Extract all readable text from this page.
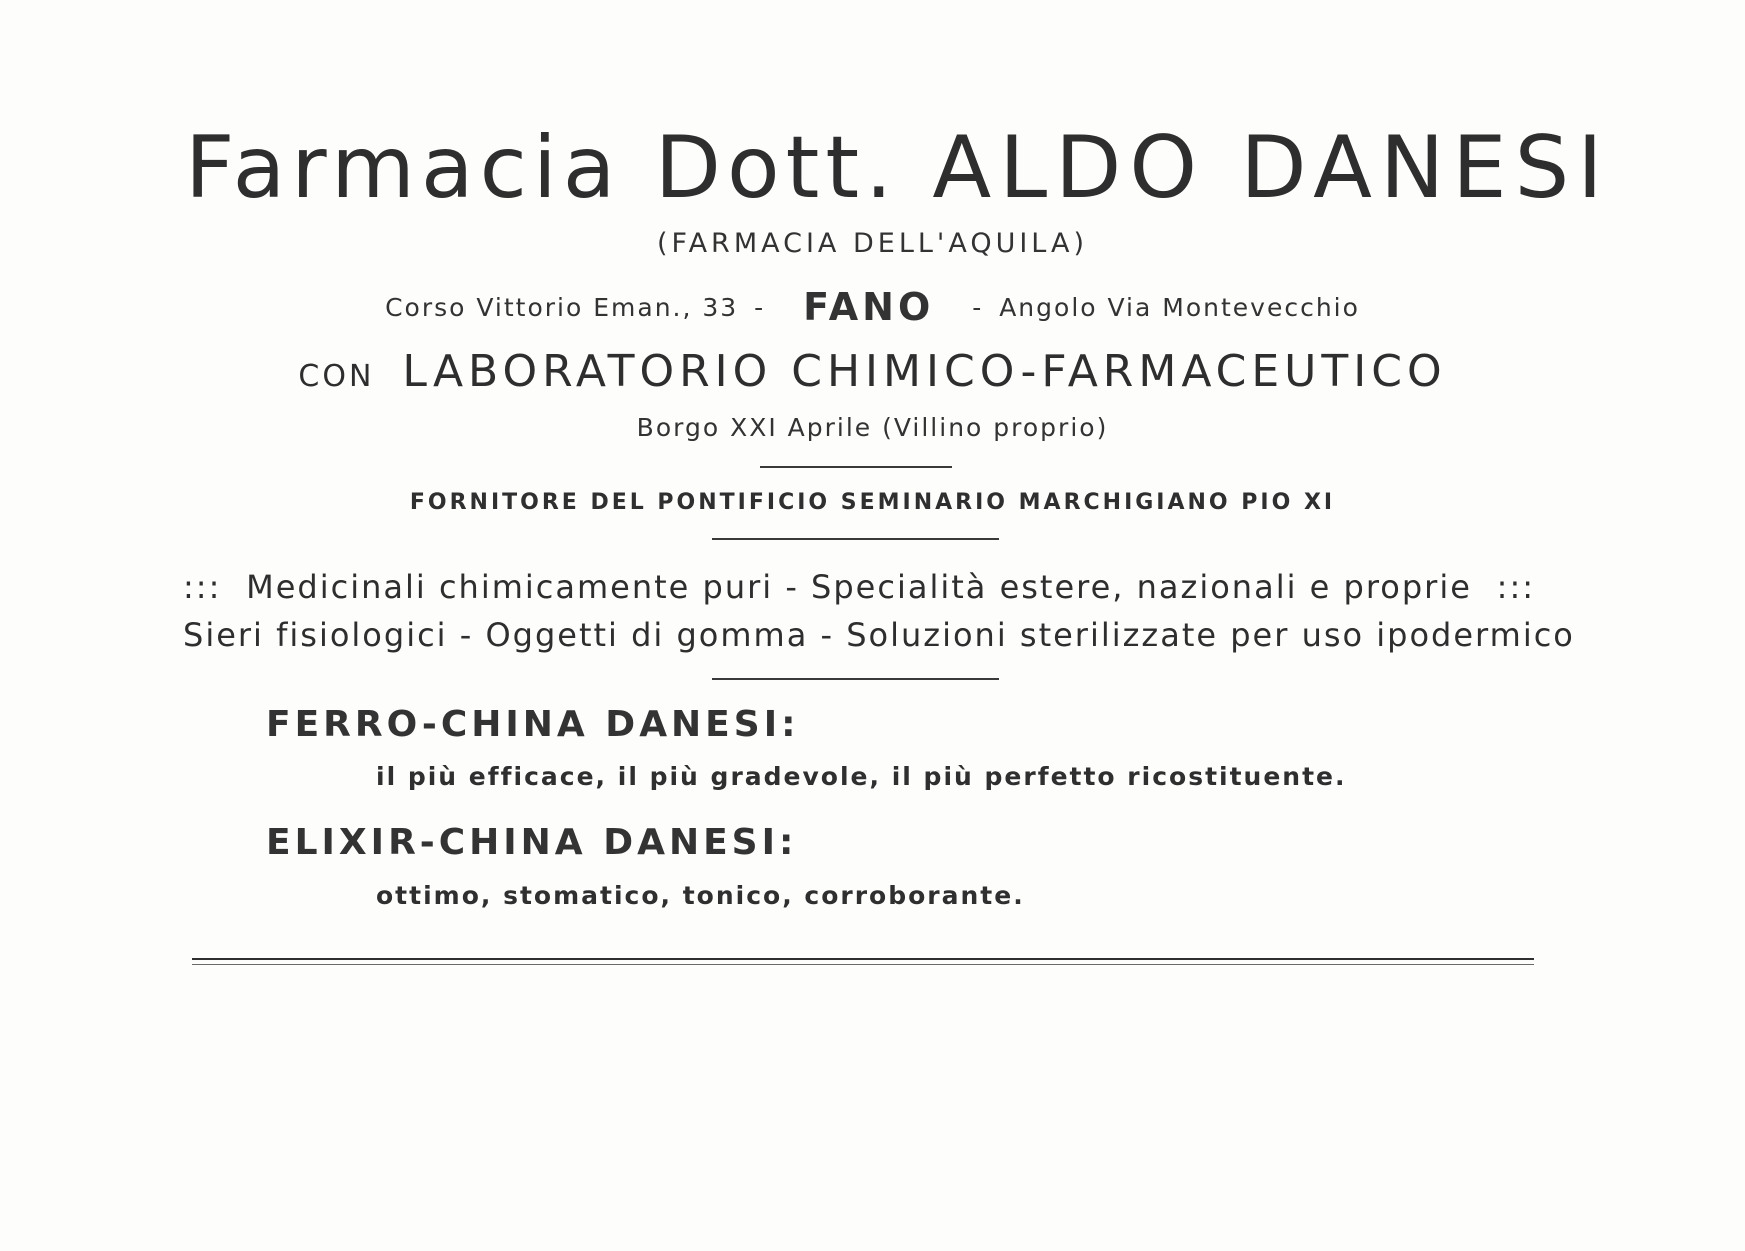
Farmacia Dott. ALDO DANESI
(FARMACIA DELL'AQUILA)
Corso Vittorio Eman., 33 - FANO - Angolo Via Montevecchio
CON LABORATORIO CHIMICO-FARMACEUTICO
Borgo XXI Aprile (Villino proprio)
FORNITORE DEL PONTIFICIO SEMINARIO MARCHIGIANO PIO XI
::: Medicinali chimicamente puri - Specialità estere, nazionali e proprie :::
Sieri fisiologici - Oggetti di gomma - Soluzioni sterilizzate per uso ipodermico
FERRO-CHINA DANESI:
il più efficace, il più gradevole, il più perfetto ricostituente.
ELIXIR-CHINA DANESI:
ottimo, stomatico, tonico, corroborante.
